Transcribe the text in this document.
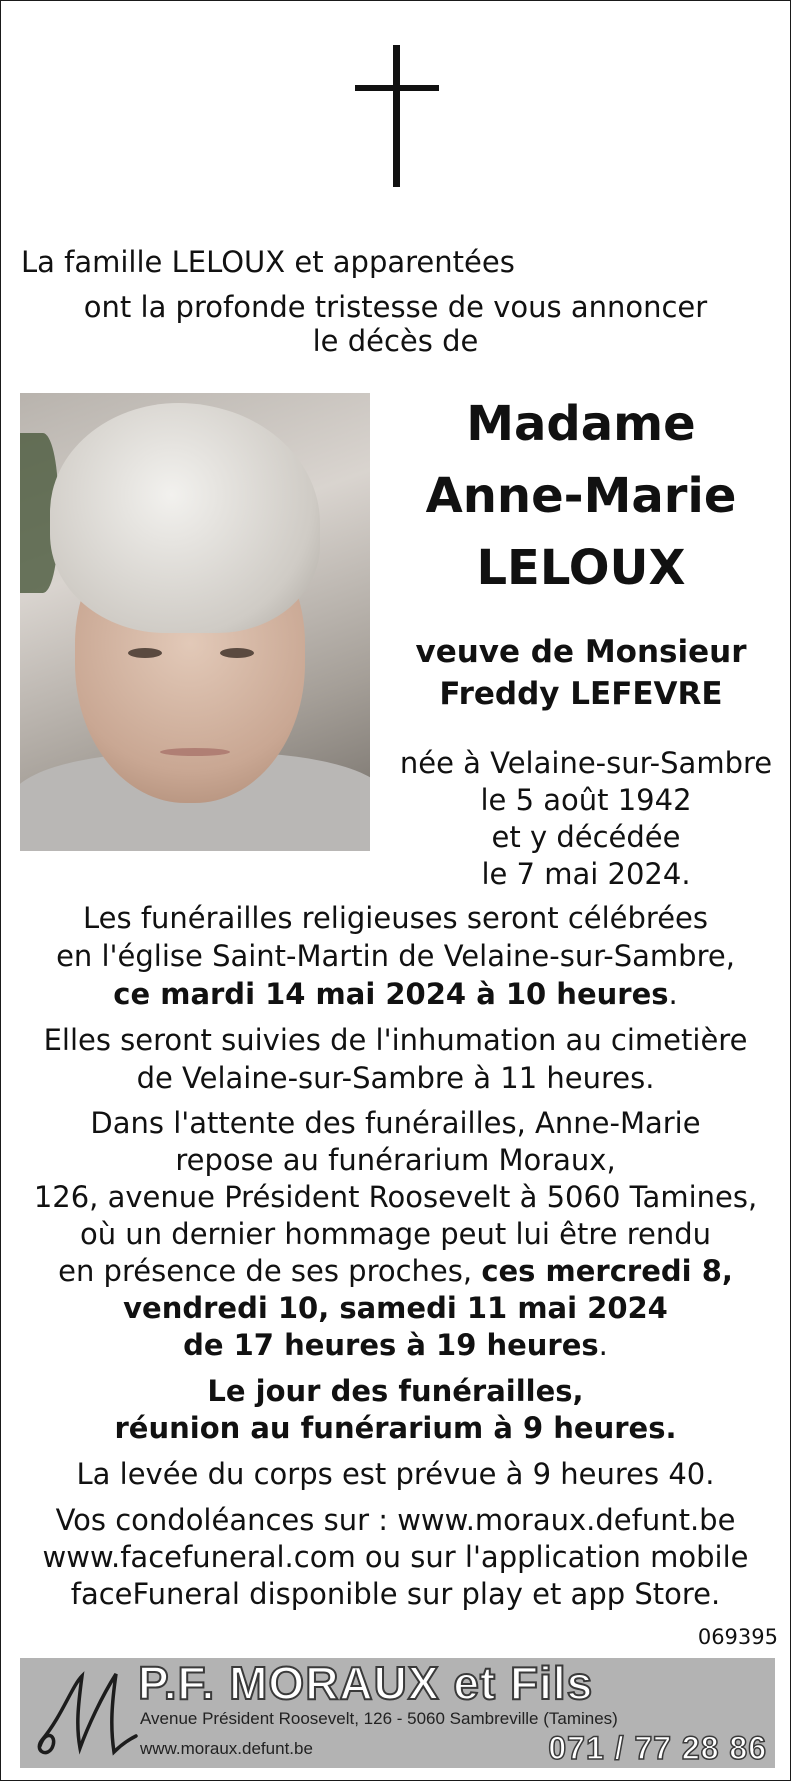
La famille LELOUX et apparentées
ont la profonde tristesse de vous annoncer
le décès de
Madame
Anne-Marie
LELOUX
veuve de Monsieur
Freddy LEFEVRE
née à Velaine-sur-Sambre
le 5 août 1942
et y décédée
le 7 mai 2024.
Les funérailles religieuses seront célébrées
en l'église Saint-Martin de Velaine-sur-Sambre,
ce mardi 14 mai 2024 à 10 heures.
Elles seront suivies de l'inhumation au cimetière
de Velaine-sur-Sambre à 11 heures.
Dans l'attente des funérailles, Anne-Marie
repose au funérarium Moraux,
126, avenue Président Roosevelt à 5060 Tamines,
où un dernier hommage peut lui être rendu
en présence de ses proches, ces mercredi 8,
vendredi 10, samedi 11 mai 2024
de 17 heures à 19 heures.
Le jour des funérailles,
réunion au funérarium à 9 heures.
La levée du corps est prévue à 9 heures 40.
Vos condoléances sur : www.moraux.defunt.be
www.facefuneral.com ou sur l'application mobile
faceFuneral disponible sur play et app Store.
069395
P.F. MORAUX et Fils
Avenue Président Roosevelt, 126 - 5060 Sambreville (Tamines)
www.moraux.defunt.be	071 / 77 28 86
